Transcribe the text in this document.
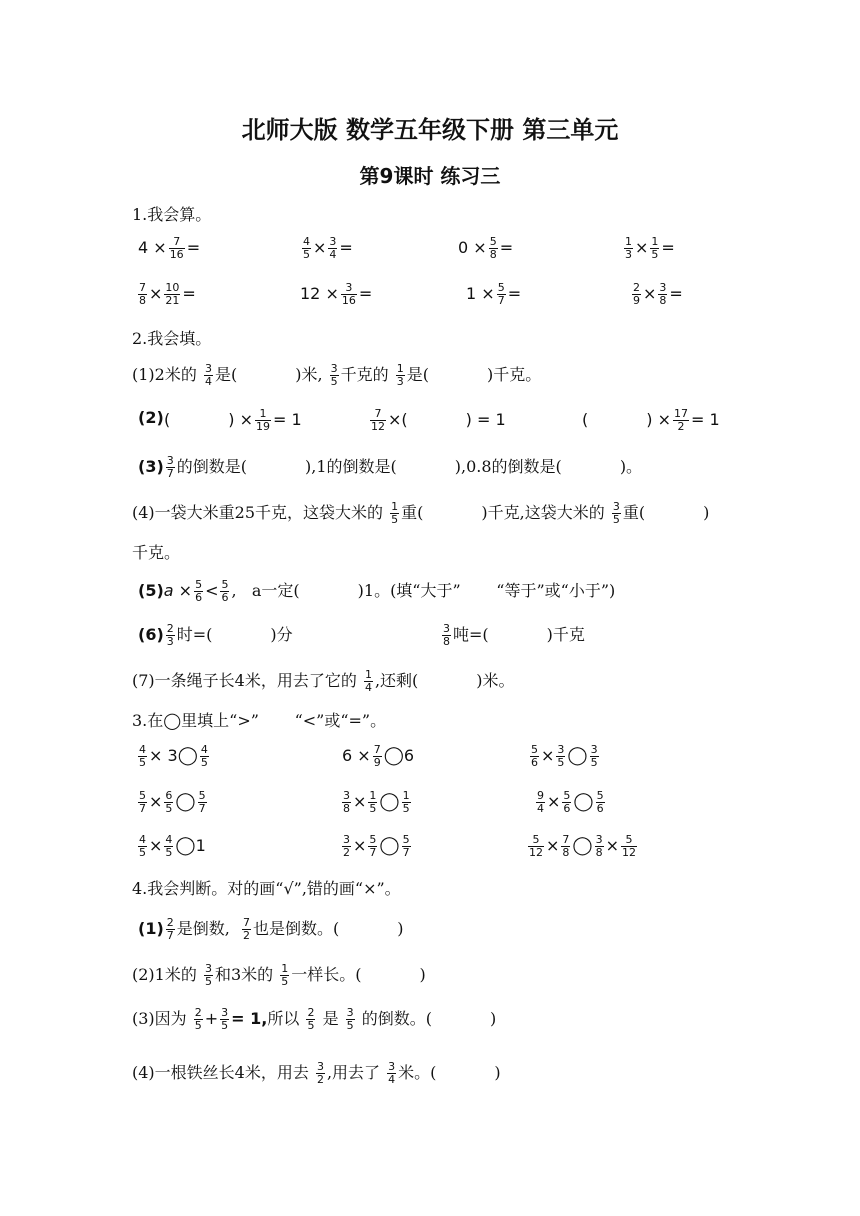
北师大版 数学五年级下册 第三单元
第9课时 练习三
1.我会算。
$4 \times \frac{7}{16}$ =	$\frac{4}{5} \times \frac{3}{4}$ =	$0 \times \frac{5}{8}$ =	$\frac{1}{3} \times \frac{1}{5}$ =
$\frac{7}{8} \times \frac{10}{21}$ =	$12 \times \frac{3}{16}$ =	$1 \times \frac{5}{7}$ =	$\frac{2}{9} \times \frac{3}{8}$ =
2.我会填。
(1)2米的 $\frac{3}{4}$ 是(	)米, $\frac{3}{5}$ 千克的 $\frac{1}{3}$ 是(	)千克。
(2) (	) × $\frac{1}{19} = 1$	$\frac{7}{12}$ ×(	) = 1	(	) × $\frac{17}{2} = 1$
$(3) \frac{3}{7}$ 的倒数是(	),1的倒数是(	),0.8的倒数是(	)。
(4)一袋大米重25千克，这袋大米的 $\frac{1}{5}$ 重(	)千克,这袋大米的 $\frac{3}{5}$ 重(	)
千克。
$(5)a \times \frac{5}{6} < \frac{5}{6}$ , a一定(	)1。(填“大于” “等于”或“小于”)
$(6) \frac{2}{3}$ 时=(	)分	$\frac{3}{8}$ 吨=(	)千克
(7)一条绳子长4米，用去了它的 $\frac{1}{4}$ ,还剩(	)米。
3.在◯里填上“>” “<”或“=”。
$\frac{4}{5}$ × 3◯ $\frac{4}{5}$	$6 \times \frac{7}{9}$ ◯6	$\frac{5}{6} \times \frac{3}{5}$ ◯ $\frac{3}{5}$
$\frac{5}{7} \times \frac{6}{5}$ ◯ $\frac{5}{7}$	$\frac{3}{8} \times \frac{1}{5}$ ◯ $\frac{1}{5}$	$\frac{9}{4} \times \frac{5}{6}$ ◯ $\frac{5}{6}$
$\frac{4}{5} \times \frac{4}{5}$ ◯1	$\frac{3}{2} \times \frac{5}{7}$ ◯ $\frac{5}{7}$	$\frac{5}{12} \times \frac{7}{8}$ ◯ $\frac{3}{8} \times \frac{5}{12}$
4.我会判断。对的画“√”,错的画“×”。
$(1) \frac{2}{7}$ 是倒数, $\frac{7}{2}$ 也是倒数。(	)
(2)1米的 $\frac{3}{5}$ 和3米的 $\frac{1}{5}$ 一样长。(	)
(3)因为 $\frac{2}{5} + \frac{3}{5} = 1$,所以 $\frac{2}{5}$ 是 $\frac{3}{5}$ 的倒数。(	)
(4)一根铁丝长4米，用去 $\frac{3}{2}$ ,用去了 $\frac{3}{4}$ 米。(	)
